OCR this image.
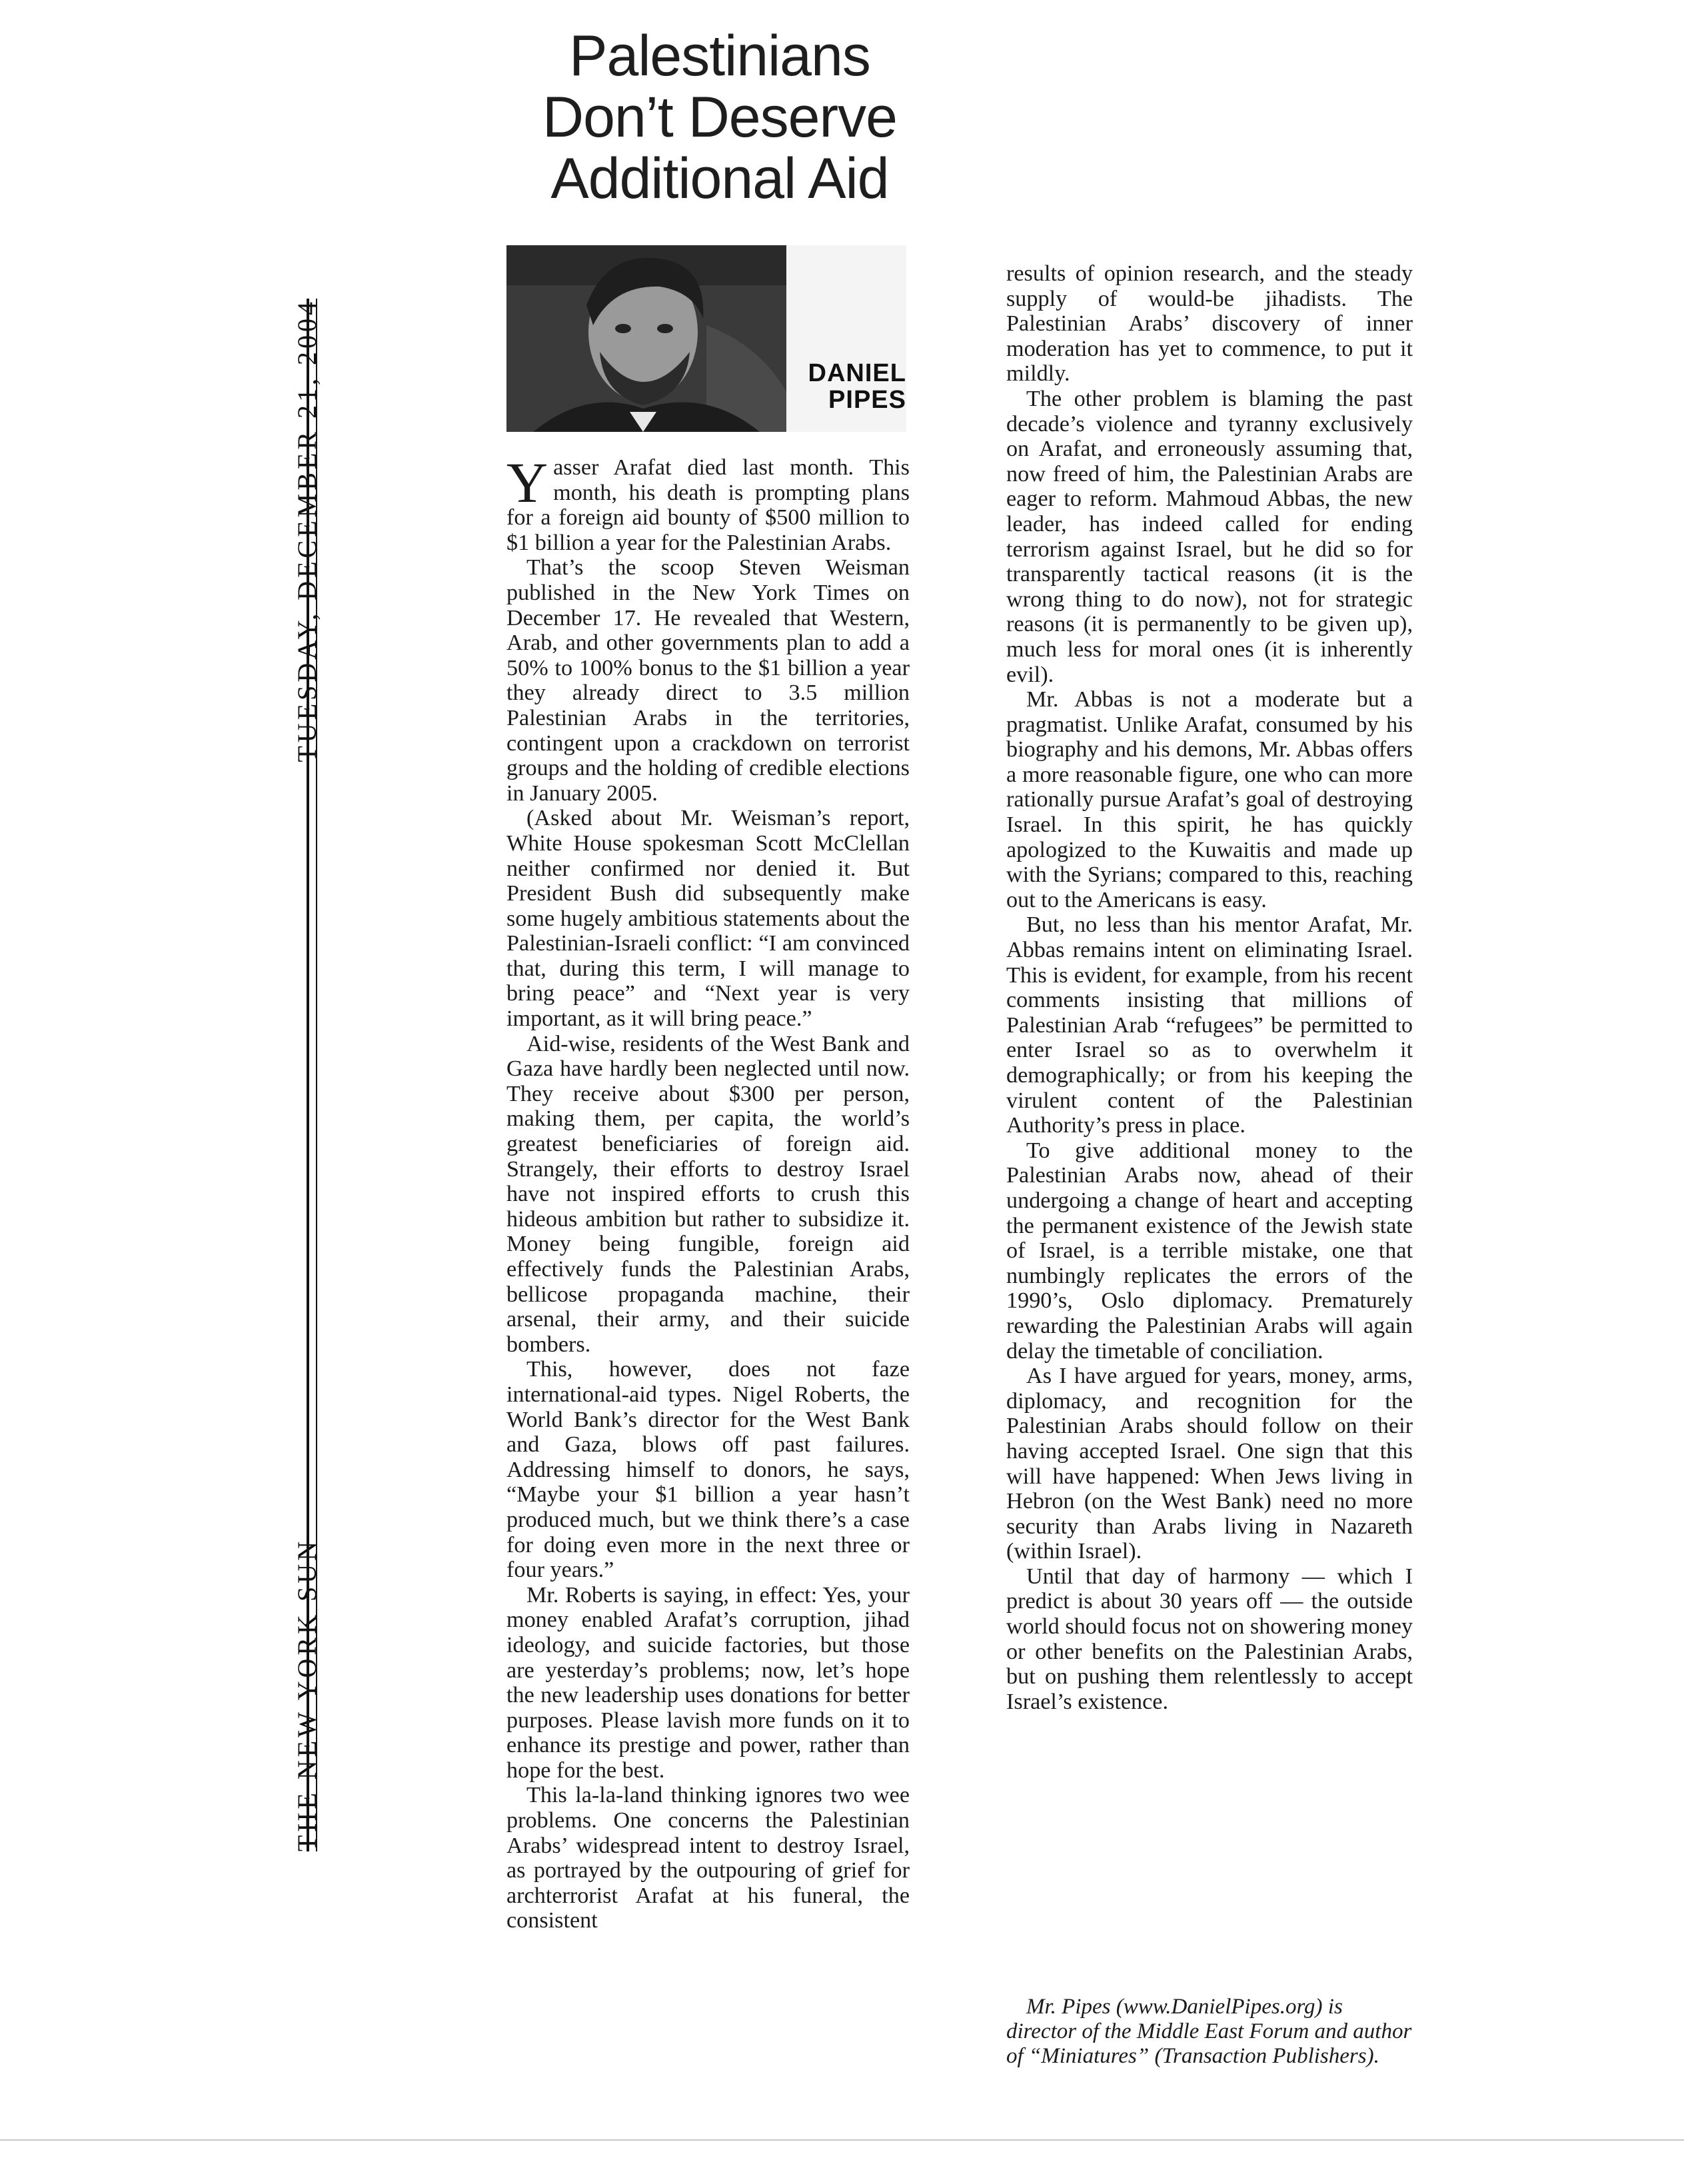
THE NEW YORK SUN
TUESDAY, DECEMBER 21, 2004
Palestinians Don’t Deserve Additional Aid
DANIEL
PIPES

Yasser Arafat died last month. This month, his death is prompting plans for a foreign aid bounty of $500 million to $1 billion a year for the Palestinian Arabs.

That’s the scoop Steven Weisman published in the New York Times on December 17. He revealed that Western, Arab, and other governments plan to add a 50% to 100% bonus to the $1 billion a year they already direct to 3.5 million Palestinian Arabs in the territories, contingent upon a crackdown on terrorist groups and the holding of credible elections in January 2005.

(Asked about Mr. Weisman’s report, White House spokesman Scott McClellan neither confirmed nor denied it. But President Bush did subsequently make some hugely ambitious statements about the Palestinian-Israeli conflict: “I am convinced that, during this term, I will manage to bring peace” and “Next year is very important, as it will bring peace.”

Aid-wise, residents of the West Bank and Gaza have hardly been neglected until now. They receive about $300 per person, making them, per capita, the world’s greatest beneficiaries of foreign aid. Strangely, their efforts to destroy Israel have not inspired efforts to crush this hideous ambition but rather to subsidize it. Money being fungible, foreign aid effectively funds the Palestinian Arabs, bellicose propaganda machine, their arsenal, their army, and their suicide bombers.

This, however, does not faze international-aid types. Nigel Roberts, the World Bank’s director for the West Bank and Gaza, blows off past failures. Addressing himself to donors, he says, “Maybe your $1 billion a year hasn’t produced much, but we think there’s a case for doing even more in the next three or four years.”

Mr. Roberts is saying, in effect: Yes, your money enabled Arafat’s corruption, jihad ideology, and suicide factories, but those are yesterday’s problems; now, let’s hope the new leadership uses donations for better purposes. Please lavish more funds on it to enhance its prestige and power, rather than hope for the best.

This la-la-land thinking ignores two wee problems. One concerns the Palestinian Arabs’ widespread intent to destroy Israel, as portrayed by the outpouring of grief for archterrorist Arafat at his funeral, the consistent

results of opinion research, and the steady supply of would-be jihadists. The Palestinian Arabs’ discovery of inner moderation has yet to commence, to put it mildly.

The other problem is blaming the past decade’s violence and tyranny exclusively on Arafat, and erroneously assuming that, now freed of him, the Palestinian Arabs are eager to reform. Mahmoud Abbas, the new leader, has indeed called for ending terrorism against Israel, but he did so for transparently tactical reasons (it is the wrong thing to do now), not for strategic reasons (it is permanently to be given up), much less for moral ones (it is inherently evil).

Mr. Abbas is not a moderate but a pragmatist. Unlike Arafat, consumed by his biography and his demons, Mr. Abbas offers a more reasonable figure, one who can more rationally pursue Arafat’s goal of destroying Israel. In this spirit, he has quickly apologized to the Kuwaitis and made up with the Syrians; compared to this, reaching out to the Americans is easy.

But, no less than his mentor Arafat, Mr. Abbas remains intent on eliminating Israel. This is evident, for example, from his recent comments insisting that millions of Palestinian Arab “refugees” be permitted to enter Israel so as to overwhelm it demographically; or from his keeping the virulent content of the Palestinian Authority’s press in place.

To give additional money to the Palestinian Arabs now, ahead of their undergoing a change of heart and accepting the permanent existence of the Jewish state of Israel, is a terrible mistake, one that numbingly replicates the errors of the 1990’s, Oslo diplomacy. Prematurely rewarding the Palestinian Arabs will again delay the timetable of conciliation.

As I have argued for years, money, arms, diplomacy, and recognition for the Palestinian Arabs should follow on their having accepted Israel. One sign that this will have happened: When Jews living in Hebron (on the West Bank) need no more security than Arabs living in Nazareth (within Israel).

Until that day of harmony — which I predict is about 30 years off — the outside world should focus not on showering money or other benefits on the Palestinian Arabs, but on pushing them relentlessly to accept Israel’s existence.

Mr. Pipes (www.DanielPipes.org) is director of the Middle East Forum and author of “Miniatures” (Transaction Publishers).
